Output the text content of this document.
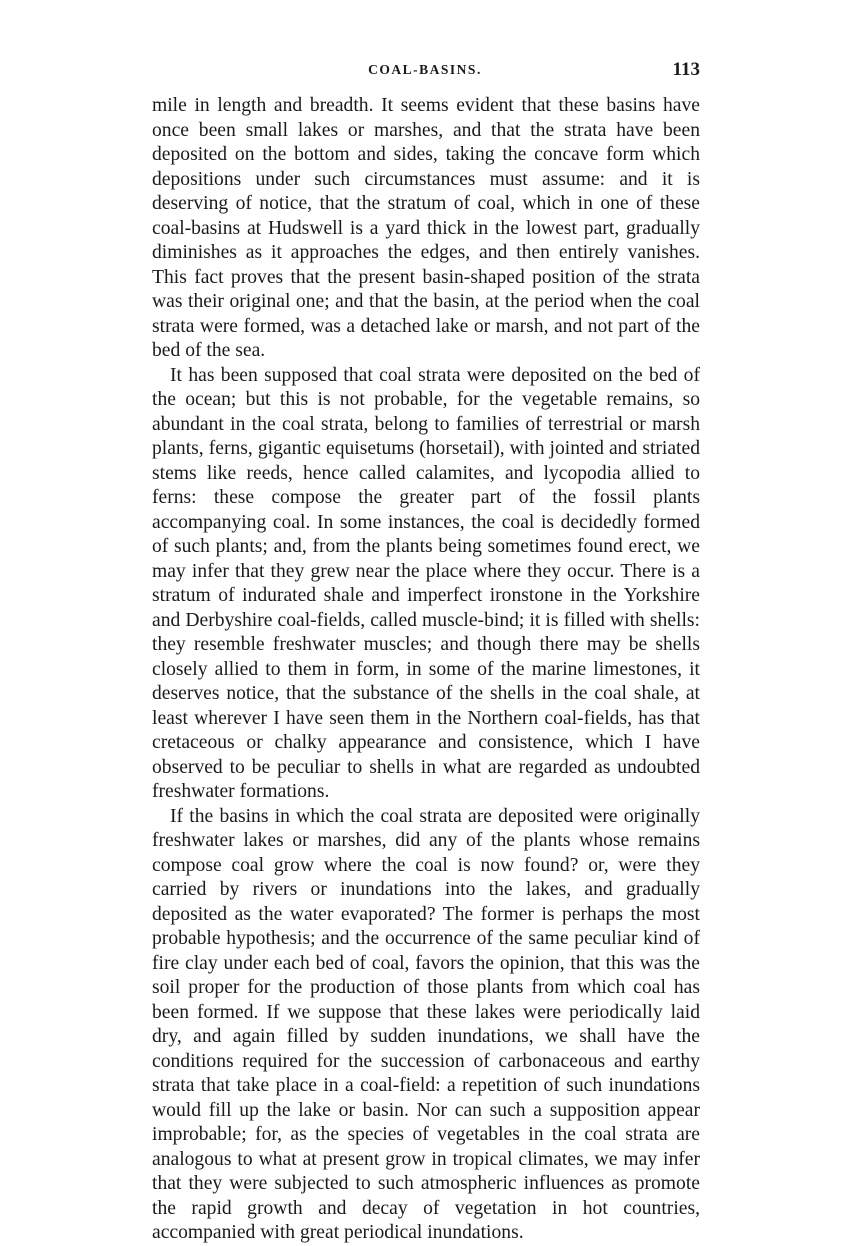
COAL-BASINS.	113

mile in length and breadth. It seems evident that these basins have once been small lakes or marshes, and that the strata have been deposited on the bottom and sides, taking the concave form which depositions under such circumstances must assume: and it is deserving of notice, that the stratum of coal, which in one of these coal-basins at Hudswell is a yard thick in the lowest part, gradually diminishes as it approaches the edges, and then entirely vanishes. This fact proves that the present basin-shaped position of the strata was their original one; and that the basin, at the period when the coal strata were formed, was a detached lake or marsh, and not part of the bed of the sea.

It has been supposed that coal strata were deposited on the bed of the ocean; but this is not probable, for the vegetable remains, so abundant in the coal strata, belong to families of terrestrial or marsh plants, ferns, gigantic equisetums (horsetail), with jointed and striated stems like reeds, hence called calamites, and lycopodia allied to ferns: these compose the greater part of the fossil plants accompanying coal. In some instances, the coal is decidedly formed of such plants; and, from the plants being sometimes found erect, we may infer that they grew near the place where they occur. There is a stratum of indurated shale and imperfect ironstone in the Yorkshire and Derbyshire coal-fields, called muscle-bind; it is filled with shells: they resemble freshwater muscles; and though there may be shells closely allied to them in form, in some of the marine limestones, it deserves notice, that the substance of the shells in the coal shale, at least wherever I have seen them in the Northern coal-fields, has that cretaceous or chalky appearance and consistence, which I have observed to be peculiar to shells in what are regarded as undoubted freshwater formations.

If the basins in which the coal strata are deposited were originally freshwater lakes or marshes, did any of the plants whose remains compose coal grow where the coal is now found? or, were they carried by rivers or inundations into the lakes, and gradually deposited as the water evaporated? The former is perhaps the most probable hypothesis; and the occurrence of the same peculiar kind of fire clay under each bed of coal, favors the opinion, that this was the soil proper for the production of those plants from which coal has been formed. If we suppose that these lakes were periodically laid dry, and again filled by sudden inundations, we shall have the conditions required for the succession of carbonaceous and earthy strata that take place in a coal-field: a repetition of such inundations would fill up the lake or basin. Nor can such a supposition appear improbable; for, as the species of vegetables in the coal strata are analogous to what at present grow in tropical climates, we may infer that they were subjected to such atmospheric influences as promote the rapid growth and decay of vegetation in hot countries, accompanied with great periodical inundations.
